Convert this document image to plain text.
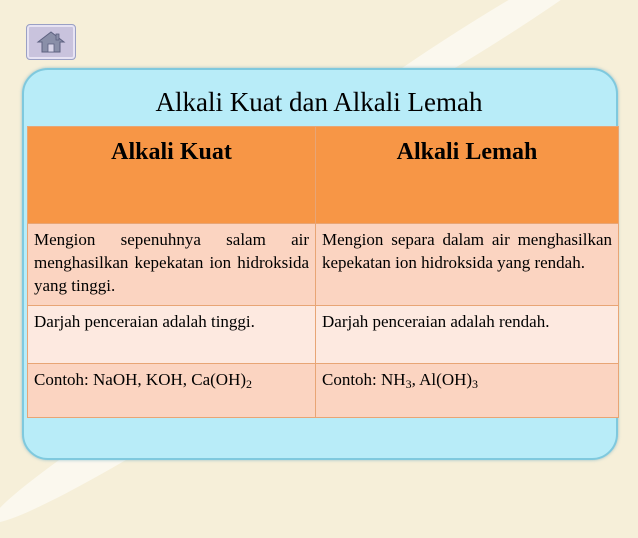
Alkali Kuat dan Alkali Lemah
Alkali Kuat	Alkali Lemah
Mengion sepenuhnya salam air menghasilkan kepekatan ion hidroksida yang tinggi.	Mengion separa dalam air menghasilkan kepekatan ion hidroksida yang rendah.
Darjah penceraian adalah tinggi.	Darjah penceraian adalah rendah.
Contoh: NaOH, KOH, $Ca(OH)_2$	Contoh: $NH_3$, $Al(OH)_3$
